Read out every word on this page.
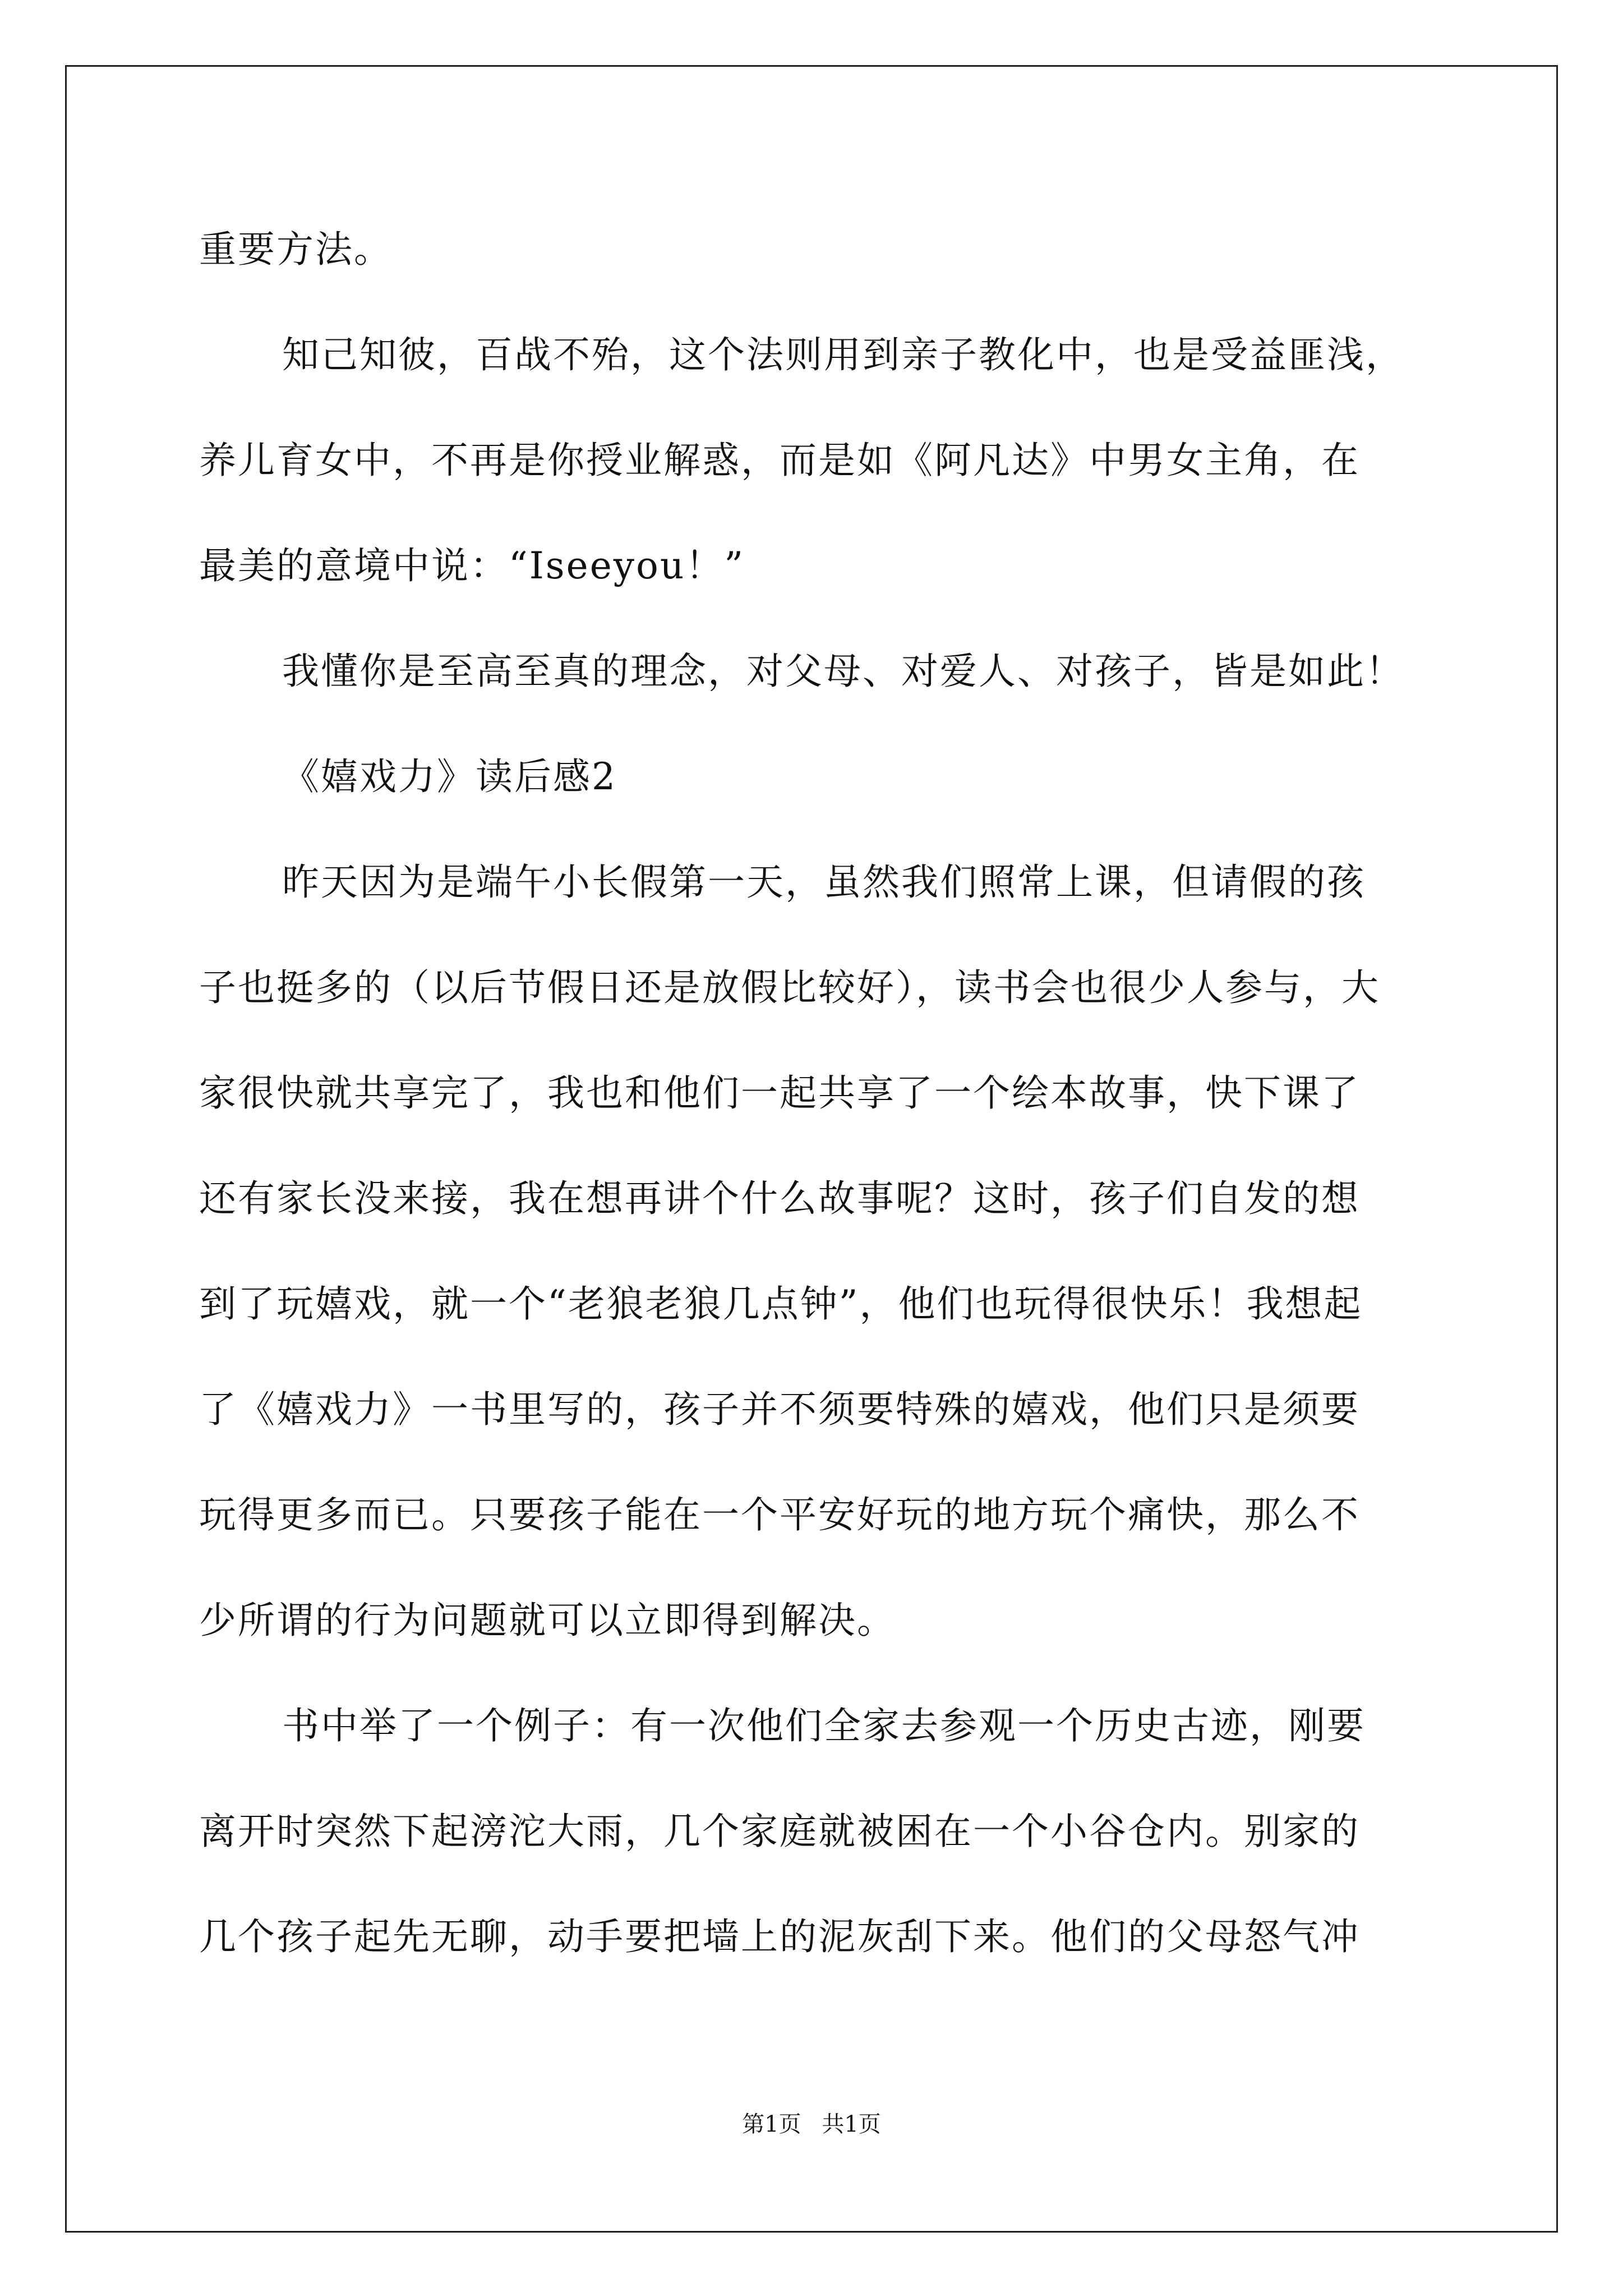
重要方法。
知己知彼，百战不殆，这个法则用到亲子教化中，也是受益匪浅，
养儿育女中，不再是你授业解惑，而是如《阿凡达》中男女主角，在
最美的意境中说：“Iseeyou！”
我懂你是至高至真的理念，对父母、对爱人、对孩子，皆是如此！
《嬉戏力》读后感2
昨天因为是端午小长假第一天，虽然我们照常上课，但请假的孩
子也挺多的（以后节假日还是放假比较好），读书会也很少人参与，大
家很快就共享完了，我也和他们一起共享了一个绘本故事，快下课了
还有家长没来接，我在想再讲个什么故事呢？这时，孩子们自发的想
到了玩嬉戏，就一个“老狼老狼几点钟”，他们也玩得很快乐！我想起
了《嬉戏力》一书里写的，孩子并不须要特殊的嬉戏，他们只是须要
玩得更多而已。只要孩子能在一个平安好玩的地方玩个痛快，那么不
少所谓的行为问题就可以立即得到解决。
书中举了一个例子：有一次他们全家去参观一个历史古迹，刚要
离开时突然下起滂沱大雨，几个家庭就被困在一个小谷仓内。别家的
几个孩子起先无聊，动手要把墙上的泥灰刮下来。他们的父母怒气冲
第1页 共1页
